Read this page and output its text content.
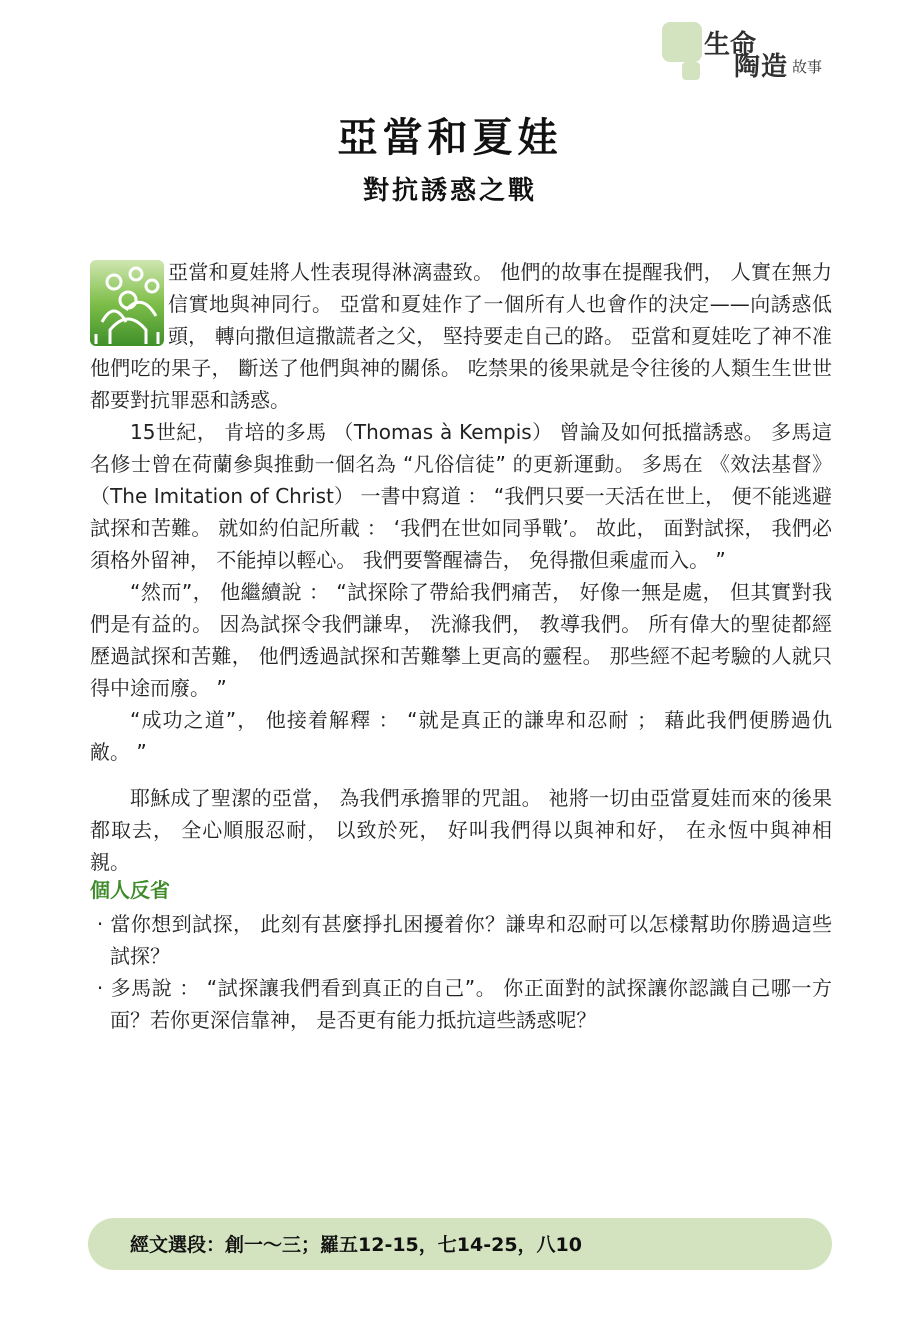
生命
陶造 故事
亞當和夏娃
對抗誘惑之戰

亞當和夏娃將人性表現得淋漓盡致。 他們的故事在提醒我們， 人實在無力信實地與神同行。 亞當和夏娃作了一個所有人也會作的決定——向誘惑低頭， 轉向撒但這撒謊者之父， 堅持要走自己的路。 亞當和夏娃吃了神不准他們吃的果子， 斷送了他們與神的關係。 吃禁果的後果就是令往後的人類生生世世都要對抗罪惡和誘惑。

15世紀， 肯培的多馬 （Thomas à Kempis） 曾論及如何抵擋誘惑。 多馬這名修士曾在荷蘭參與推動一個名為 “凡俗信徒” 的更新運動。 多馬在 《效法基督》（The Imitation of Christ） 一書中寫道 ： “我們只要一天活在世上， 便不能逃避試探和苦難。 就如約伯記所載 ： ‘我們在世如同爭戰’。 故此， 面對試探， 我們必須格外留神， 不能掉以輕心。 我們要警醒禱告， 免得撒但乘虛而入。 ”

“然而”， 他繼續說 ： “試探除了帶給我們痛苦， 好像一無是處， 但其實對我們是有益的。 因為試探令我們謙卑， 洗滌我們， 教導我們。 所有偉大的聖徒都經歷過試探和苦難， 他們透過試探和苦難攀上更高的靈程。 那些經不起考驗的人就只得中途而廢。 ”

“成功之道”， 他接着解釋 ： “就是真正的謙卑和忍耐 ； 藉此我們便勝過仇敵。 ”

耶穌成了聖潔的亞當， 為我們承擔罪的咒詛。 祂將一切由亞當夏娃而來的後果都取去， 全心順服忍耐， 以致於死， 好叫我們得以與神和好， 在永恆中與神相親。

個人反省
· 當你想到試探， 此刻有甚麼掙扎困擾着你？謙卑和忍耐可以怎樣幫助你勝過這些試探？
· 多馬說 ： “試探讓我們看到真正的自己”。 你正面對的試探讓你認識自己哪一方面？若你更深信靠神， 是否更有能力抵抗這些誘惑呢？
經文選段：創一～三；羅五12-15，七14-25，八10
